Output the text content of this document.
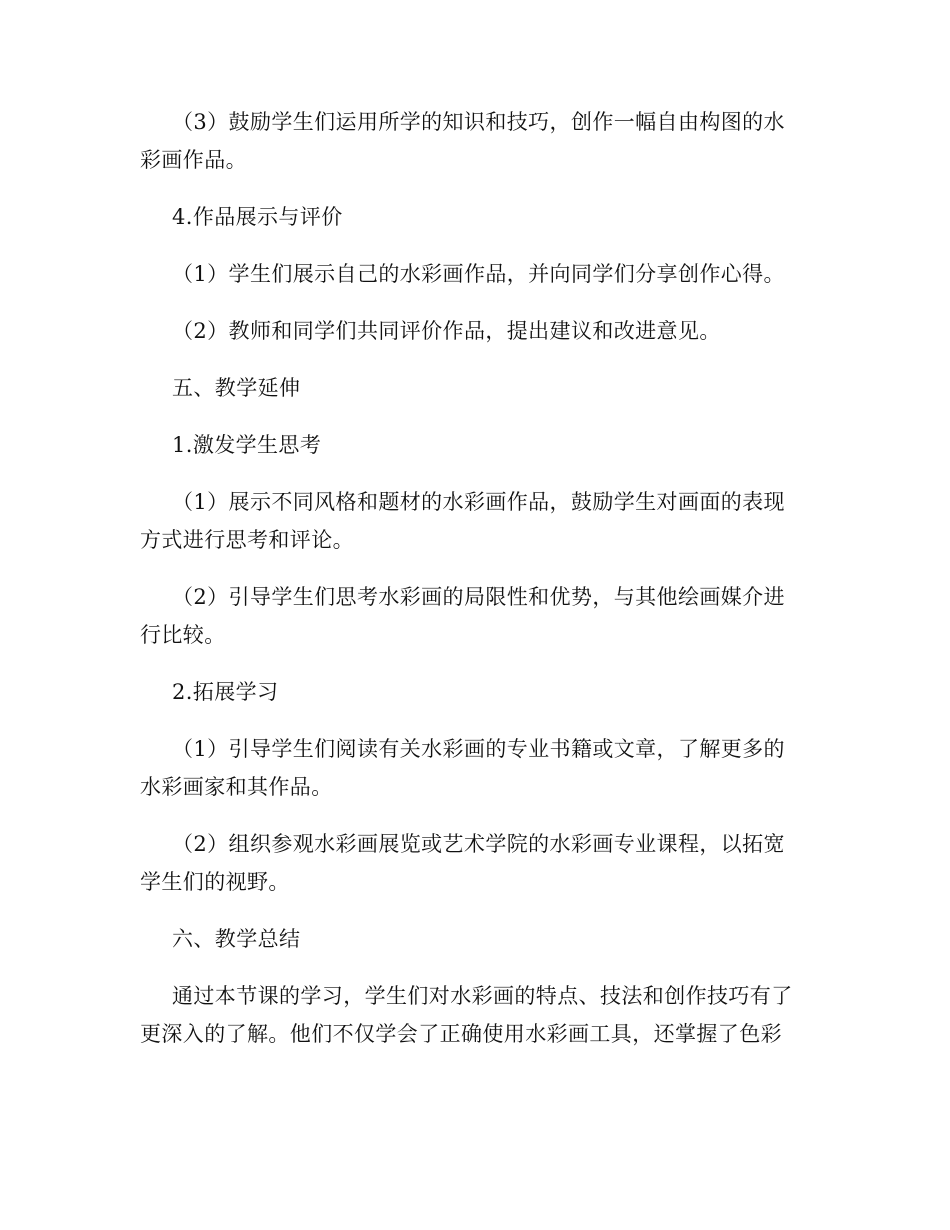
（3）鼓励学生们运用所学的知识和技巧，创作一幅自由构图的水彩画作品。

4.作品展示与评价

（1）学生们展示自己的水彩画作品，并向同学们分享创作心得。

（2）教师和同学们共同评价作品，提出建议和改进意见。

五、教学延伸

1.激发学生思考

（1）展示不同风格和题材的水彩画作品，鼓励学生对画面的表现方式进行思考和评论。

（2）引导学生们思考水彩画的局限性和优势，与其他绘画媒介进行比较。

2.拓展学习

（1）引导学生们阅读有关水彩画的专业书籍或文章，了解更多的水彩画家和其作品。

（2）组织参观水彩画展览或艺术学院的水彩画专业课程，以拓宽学生们的视野。

六、教学总结

通过本节课的学习，学生们对水彩画的特点、技法和创作技巧有了更深入的了解。他们不仅学会了正确使用水彩画工具，还掌握了色彩
